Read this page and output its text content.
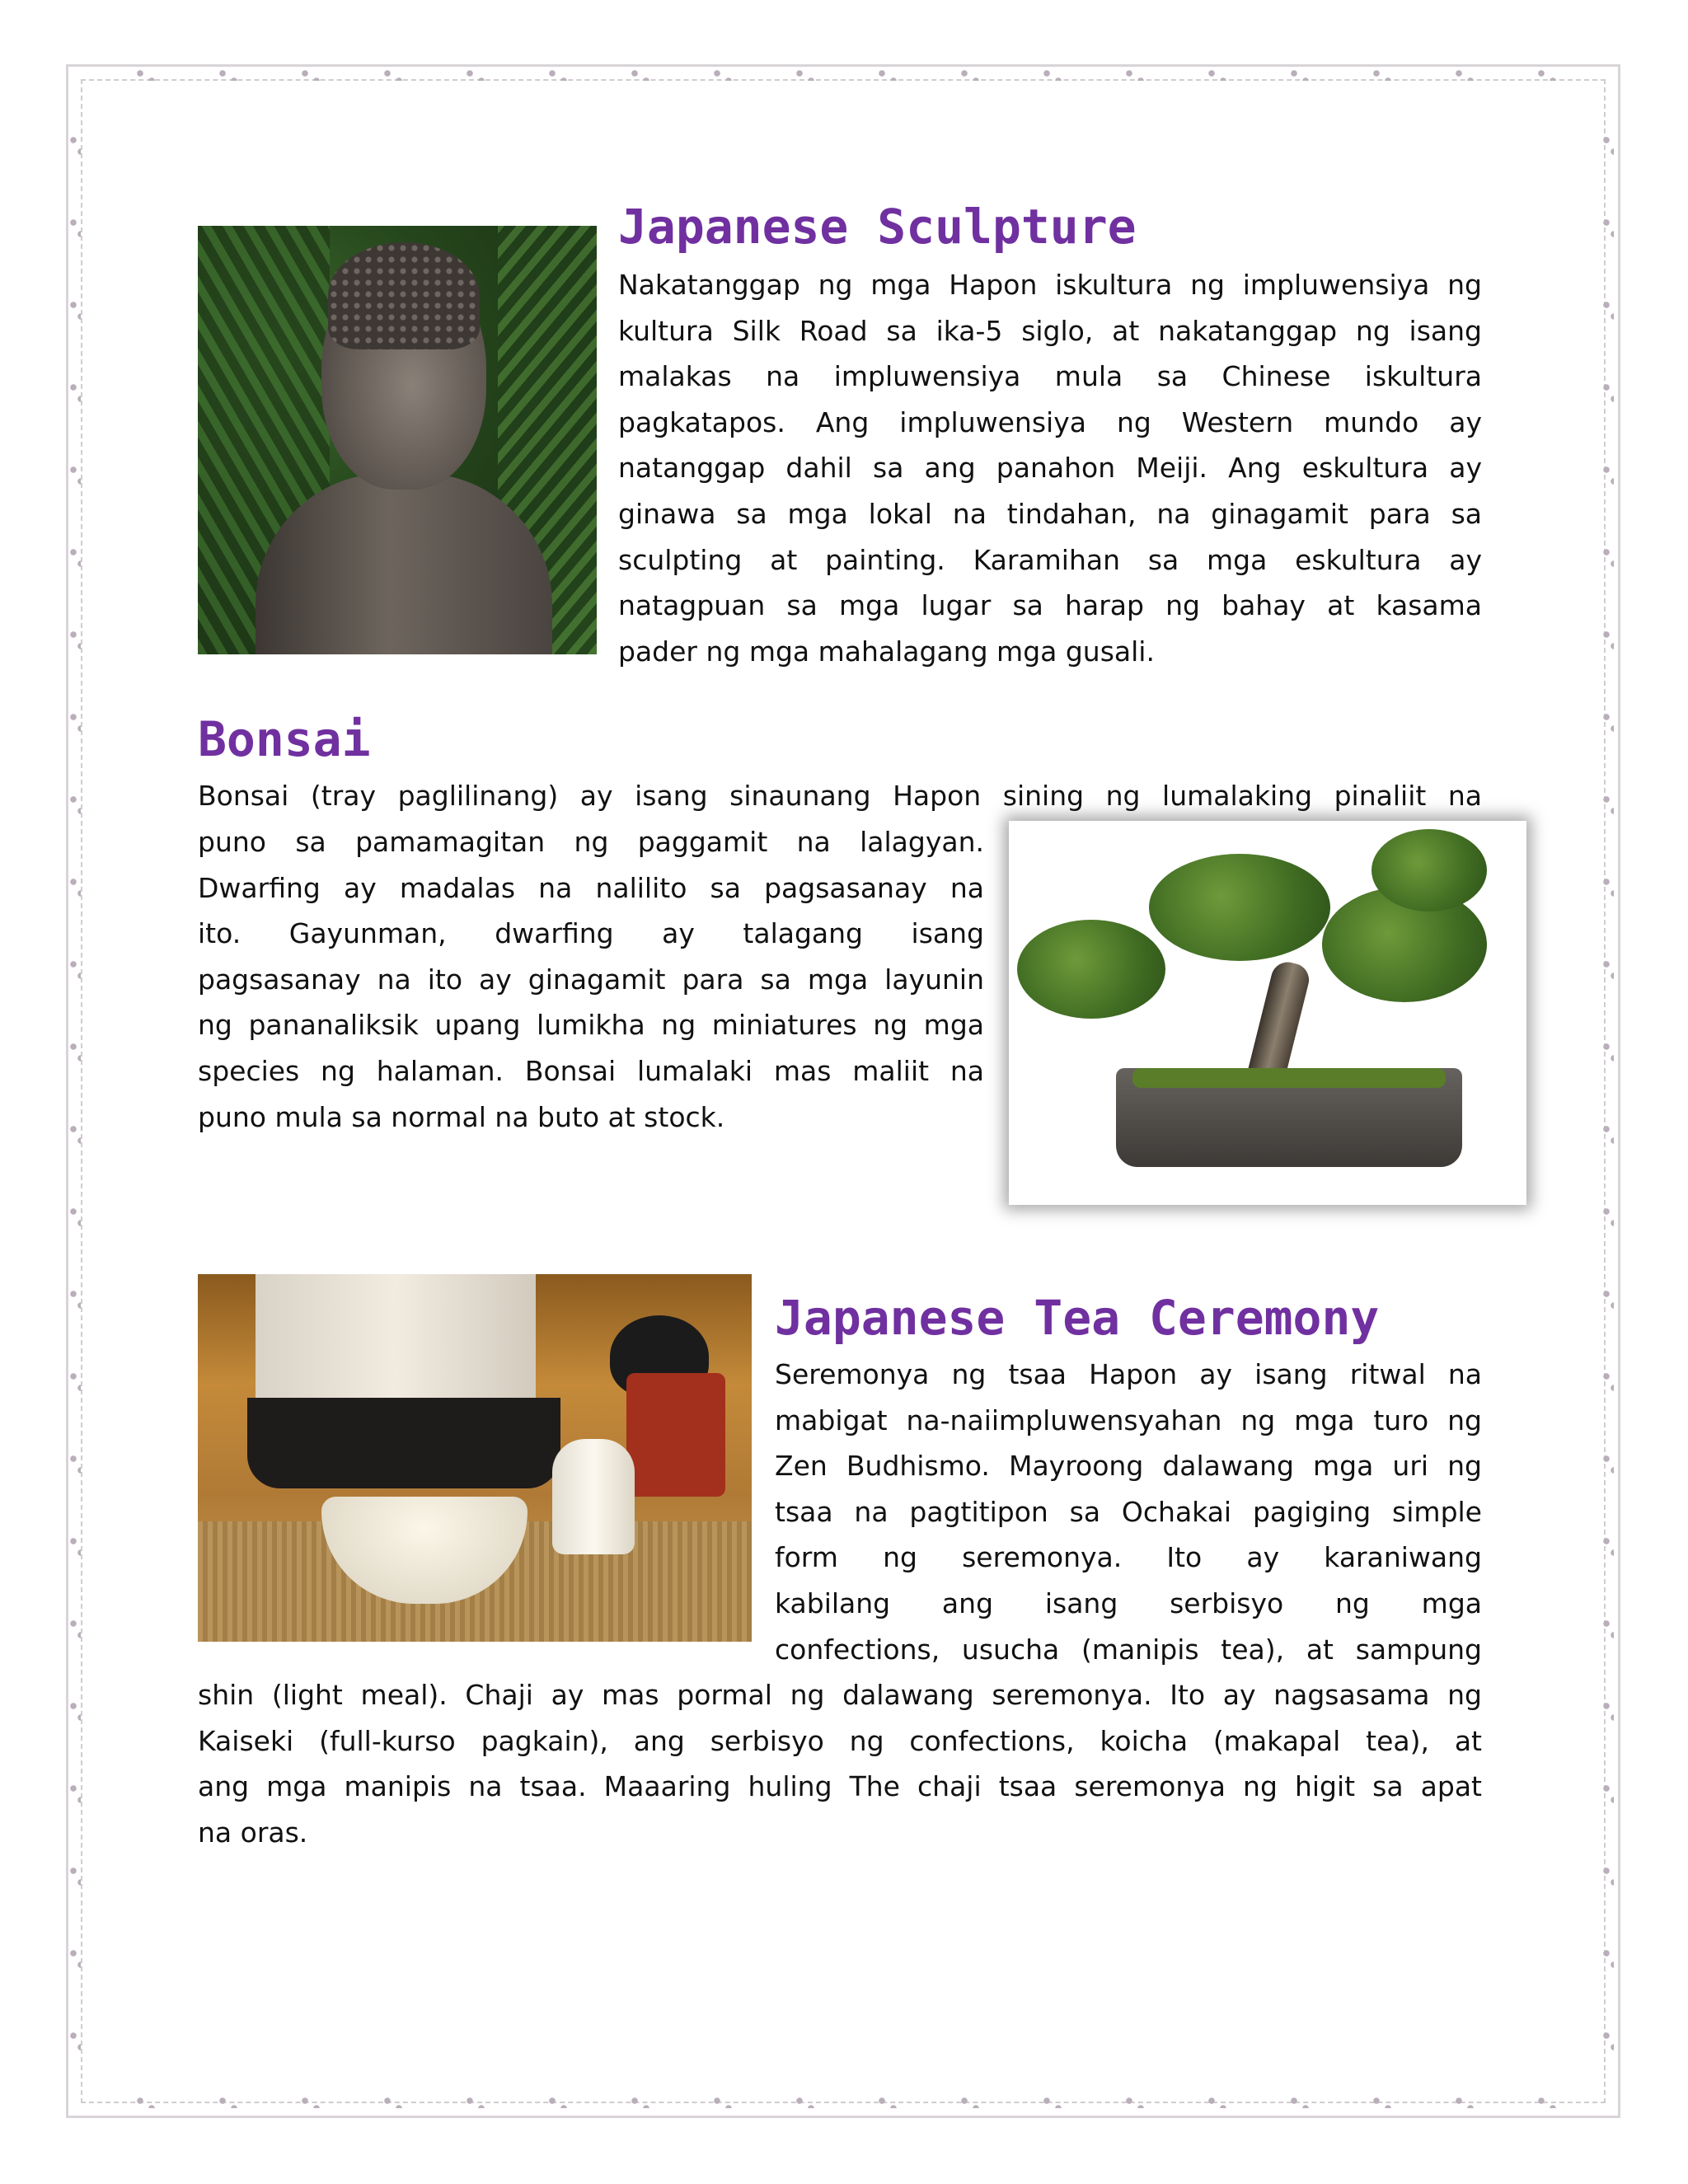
Japanese Sculpture
Nakatanggap ng mga Hapon iskultura ng impluwensiya ng
kultura Silk Road sa ika-5 siglo, at nakatanggap ng isang
malakas na impluwensiya mula sa Chinese iskultura
pagkatapos. Ang impluwensiya ng Western mundo ay
natanggap dahil sa ang panahon Meiji. Ang eskultura ay
ginawa sa mga lokal na tindahan, na ginagamit para sa
sculpting at painting. Karamihan sa mga eskultura ay
natagpuan sa mga lugar sa harap ng bahay at kasama
pader ng mga mahalagang mga gusali.
Bonsai
Bonsai (tray paglilinang) ay isang sinaunang Hapon sining ng lumalaking pinaliit na
puno sa pamamagitan ng paggamit na lalagyan.
Dwarfing ay madalas na nalilito sa pagsasanay na
ito. Gayunman, dwarfing ay talagang isang
pagsasanay na ito ay ginagamit para sa mga layunin
ng pananaliksik upang lumikha ng miniatures ng mga
species ng halaman. Bonsai lumalaki mas maliit na
puno mula sa normal na buto at stock.
Japanese Tea Ceremony
Seremonya ng tsaa Hapon ay isang ritwal na
mabigat na-naiimpluwensyahan ng mga turo ng
Zen Budhismo. Mayroong dalawang mga uri ng
tsaa na pagtitipon sa Ochakai pagiging simple
form ng seremonya. Ito ay karaniwang
kabilang ang isang serbisyo ng mga
confections, usucha (manipis tea), at sampung
shin (light meal). Chaji ay mas pormal ng dalawang seremonya. Ito ay nagsasama ng
Kaiseki (full-kurso pagkain), ang serbisyo ng confections, koicha (makapal tea), at
ang mga manipis na tsaa. Maaaring huling The chaji tsaa seremonya ng higit sa apat
na oras.
